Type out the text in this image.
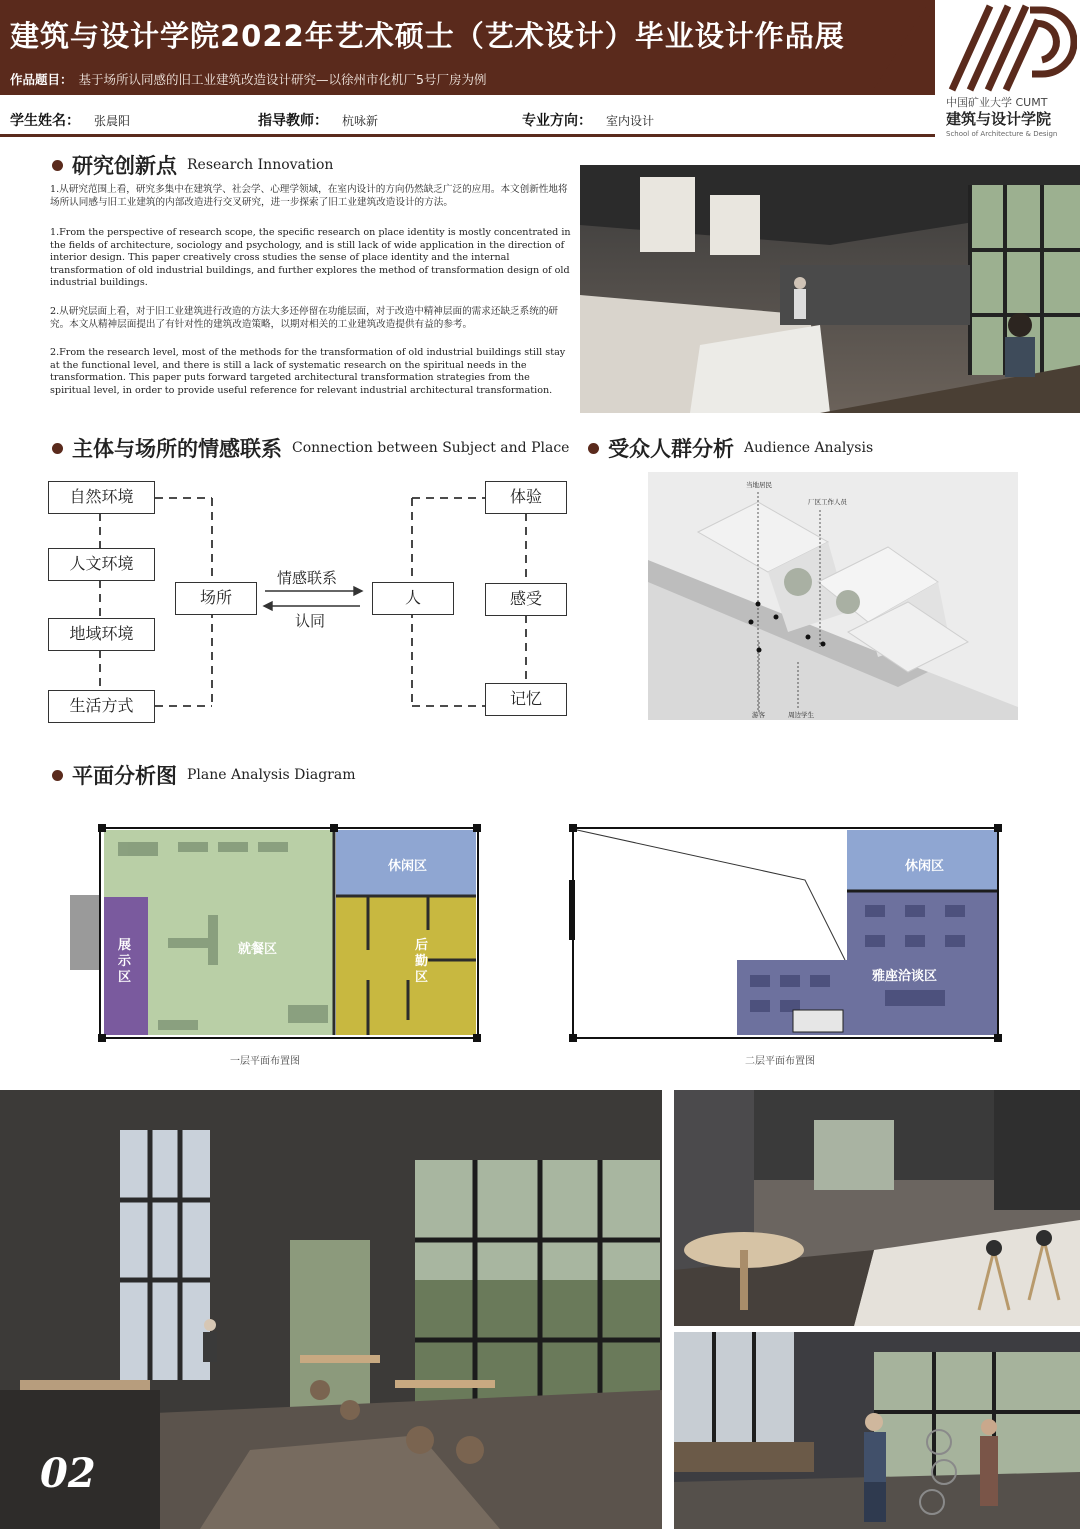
建筑与设计学院2022年艺术硕士（艺术设计）毕业设计作品展
作品题目： 基于场所认同感的旧工业建筑改造设计研究—以徐州市化机厂5号厂房为例
学生姓名： 张晨阳	指导教师： 杭咏新	专业方向： 室内设计
中国矿业大学 CUMT
建筑与设计学院
School of Architecture & Design
研究创新点 Research Innovation
1.从研究范围上看，研究多集中在建筑学、社会学、心理学领域，在室内设计的方向仍然缺乏广泛的应用。本文创新性地将场所认同感与旧工业建筑的内部改造进行交叉研究，进一步探索了旧工业建筑改造设计的方法。
1.From the perspective of research scope, the specific research on place identity is mostly concentrated in the fields of architecture, sociology and psychology, and is still lack of wide application in the direction of interior design. This paper creatively cross studies the sense of place identity and the internal transformation of old industrial buildings, and further explores the method of transformation design of old industrial buildings.
2.从研究层面上看，对于旧工业建筑进行改造的方法大多还停留在功能层面，对于改造中精神层面的需求还缺乏系统的研究。本文从精神层面提出了有针对性的建筑改造策略，以期对相关的工业建筑改造提供有益的参考。
2.From the research level, most of the methods for the transformation of old industrial buildings still stay at the functional level, and there is still a lack of systematic research on the spiritual needs in the transformation. This paper puts forward targeted architectural transformation strategies from the spiritual level, in order to provide useful reference for relevant industrial architectural transformation.
主体与场所的情感联系 Connection between Subject and Place
自然环境
人文环境
地域环境
生活方式
场所	人
情感联系
认同
体验
感受
记忆
受众人群分析 Audience Analysis
当地居民
厂区工作人员
游客	周边学生
平面分析图 Plane Analysis Diagram
休闲区
就餐区
展示区
后勤区
一层平面布置图
休闲区
雅座洽谈区
二层平面布置图
02
